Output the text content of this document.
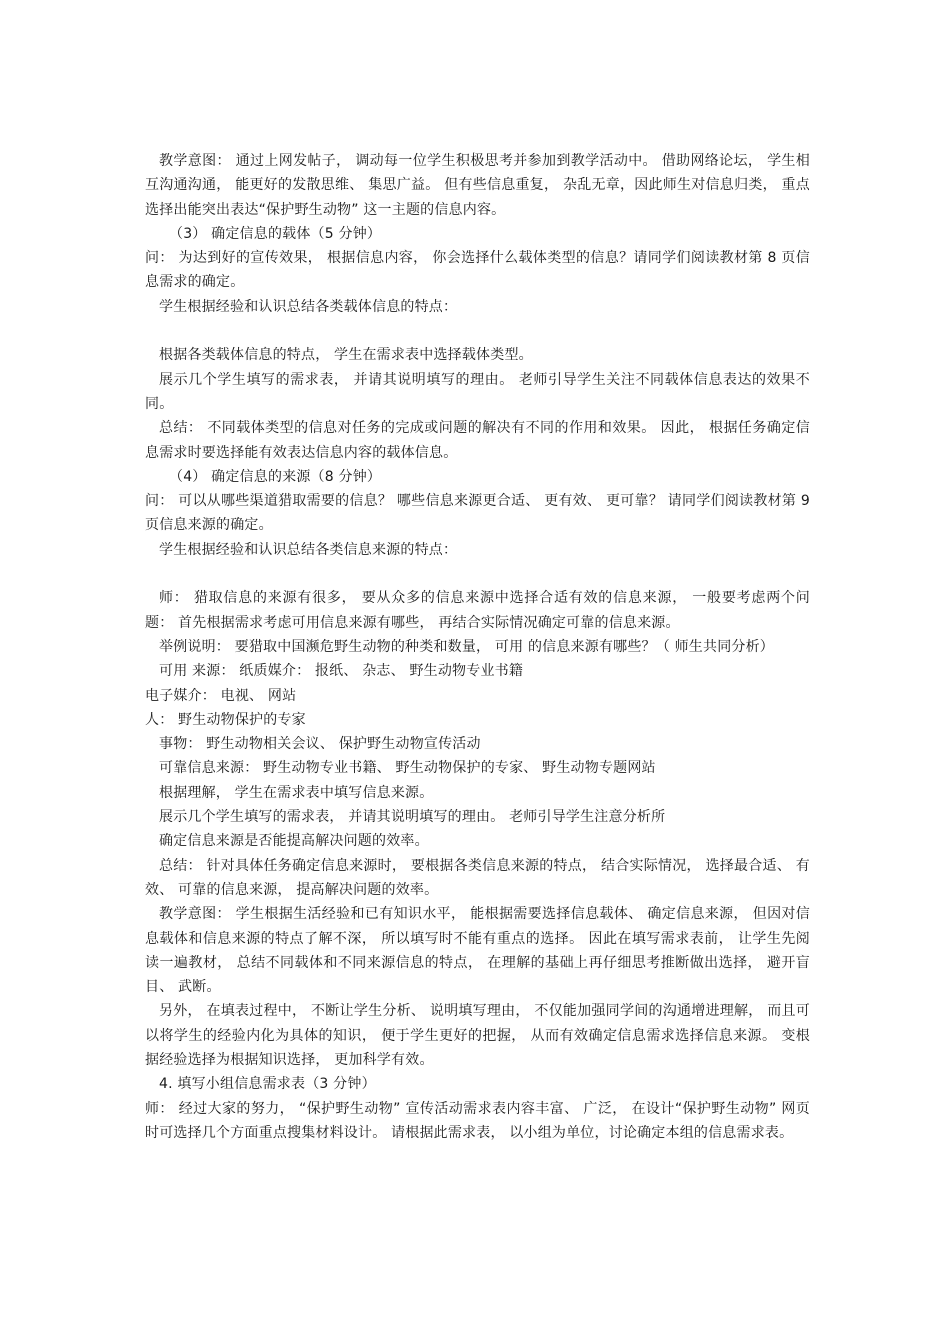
教学意图： 通过上网发帖子， 调动每一位学生积极思考并参加到教学活动中。 借助网络论坛， 学生相互沟通沟通， 能更好的发散思维、 集思广益。 但有些信息重复， 杂乱无章，因此师生对信息归类， 重点选择出能突出表达“保护野生动物” 这一主题的信息内容。

（3） 确定信息的载体（5 分钟）

问： 为达到好的宣传效果， 根据信息内容， 你会选择什么载体类型的信息？请同学们阅读教材第 8 页信息需求的确定。

学生根据经验和认识总结各类载体信息的特点：

根据各类载体信息的特点， 学生在需求表中选择载体类型。

展示几个学生填写的需求表， 并请其说明填写的理由。 老师引导学生关注不同载体信息表达的效果不同。

总结： 不同载体类型的信息对任务的完成或问题的解决有不同的作用和效果。 因此， 根据任务确定信息需求时要选择能有效表达信息内容的载体信息。

（4） 确定信息的来源（8 分钟）

问： 可以从哪些渠道猎取需要的信息？ 哪些信息来源更合适、 更有效、 更可靠？ 请同学们阅读教材第 9 页信息来源的确定。

学生根据经验和认识总结各类信息来源的特点：

师： 猎取信息的来源有很多， 要从众多的信息来源中选择合适有效的信息来源， 一般要考虑两个问题： 首先根据需求考虑可用信息来源有哪些， 再结合实际情况确定可靠的信息来源。

举例说明： 要猎取中国濒危野生动物的种类和数量， 可用 的信息来源有哪些？（ 师生共同分析）

可用 来源： 纸质媒介： 报纸、 杂志、 野生动物专业书籍

电子媒介： 电视、 网站

人： 野生动物保护的专家

事物： 野生动物相关会议、 保护野生动物宣传活动

可靠信息来源： 野生动物专业书籍、 野生动物保护的专家、 野生动物专题网站

根据理解， 学生在需求表中填写信息来源。

展示几个学生填写的需求表， 并请其说明填写的理由。 老师引导学生注意分析所

确定信息来源是否能提高解决问题的效率。

总结： 针对具体任务确定信息来源时， 要根据各类信息来源的特点， 结合实际情况， 选择最合适、 有效、 可靠的信息来源， 提高解决问题的效率。

教学意图： 学生根据生活经验和已有知识水平， 能根据需要选择信息载体、 确定信息来源， 但因对信息载体和信息来源的特点了解不深， 所以填写时不能有重点的选择。 因此在填写需求表前， 让学生先阅读一遍教材， 总结不同载体和不同来源信息的特点， 在理解的基础上再仔细思考推断做出选择， 避开盲目、 武断。

另外， 在填表过程中， 不断让学生分析、 说明填写理由， 不仅能加强同学间的沟通增进理解， 而且可以将学生的经验内化为具体的知识， 便于学生更好的把握， 从而有效确定信息需求选择信息来源。 变根据经验选择为根据知识选择， 更加科学有效。

4. 填写小组信息需求表（3 分钟）

师： 经过大家的努力， “保护野生动物” 宣传活动需求表内容丰富、 广泛， 在设计“保护野生动物” 网页时可选择几个方面重点搜集材料设计。 请根据此需求表， 以小组为单位，讨论确定本组的信息需求表。
